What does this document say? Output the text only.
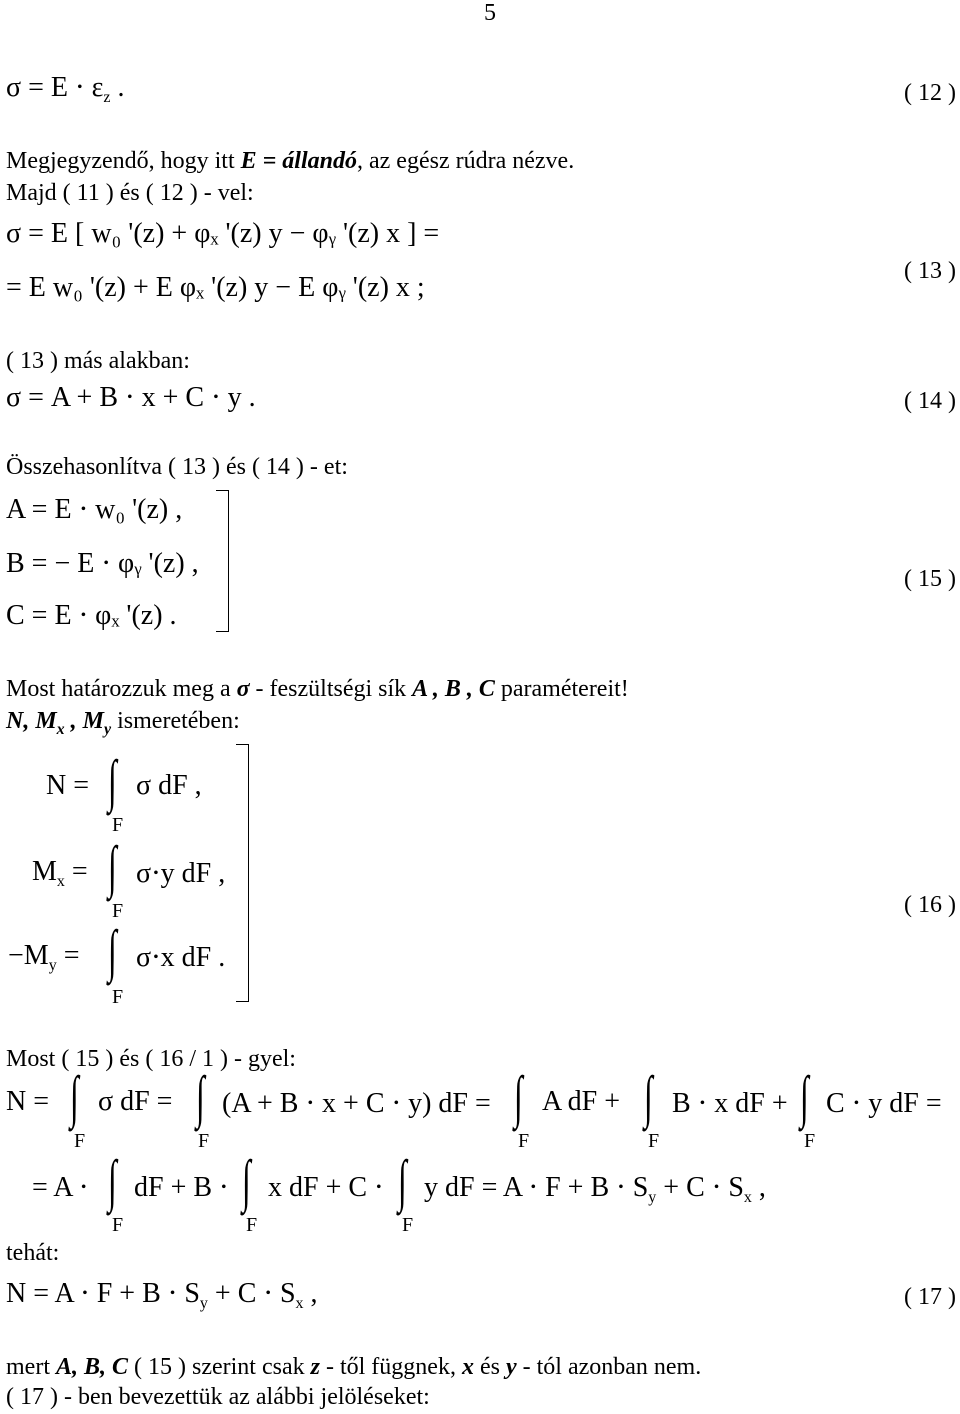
5
$\sigma = E \cdot \varepsilon_z$ .	( 12 )
Megjegyzendő, hogy itt E = állandó, az egész rúdra nézve.
Majd ( 11 ) és ( 12 ) - vel:
σ = E [ w₀ '(z) + φₓ '(z) y − φᵧ '(z) x ] =
= E w₀ '(z) + E φₓ '(z) y − E φᵧ '(z) x ;
( 13 )
( 13 ) más alakban:
σ = A + B ⋅ x + C ⋅ y .	( 14 )
Összehasonlítva ( 13 ) és ( 14 ) - et:
A = E ⋅ w₀ '(z) ,
B = − E ⋅ φᵧ '(z) ,
C = E ⋅ φₓ '(z) .
( 15 )
Most határozzuk meg a σ - feszültségi sík A , B , C paramétereit!
N, $M_x$ , $M_y$ ismeretében:
N = ∫
F
σ dF ,
$M_x$ = ∫
F
σ⋅y dF ,
$-M_y$ = ∫
F
σ⋅x dF .
( 16 )
Most ( 15 ) és ( 16 / 1 ) - gyel:
N = ∫
F
σ dF = ∫
F
(A + B ⋅ x + C ⋅ y) dF = ∫
F
A dF + ∫
F
B ⋅ x dF + ∫
F
C ⋅ y dF =
= A ⋅ ∫
F
dF + B ⋅ ∫
F
x dF + C ⋅ ∫
F
y dF = $A \cdot F + B \cdot S_y + C \cdot S_x$ ,
tehát:
$N = A \cdot F + B \cdot S_y + C \cdot S_x$ ,	( 17 )
mert A, B, C ( 15 ) szerint csak z - től függnek, x és y - tól azonban nem.
( 17 ) - ben bevezettük az alábbi jelöléseket:
